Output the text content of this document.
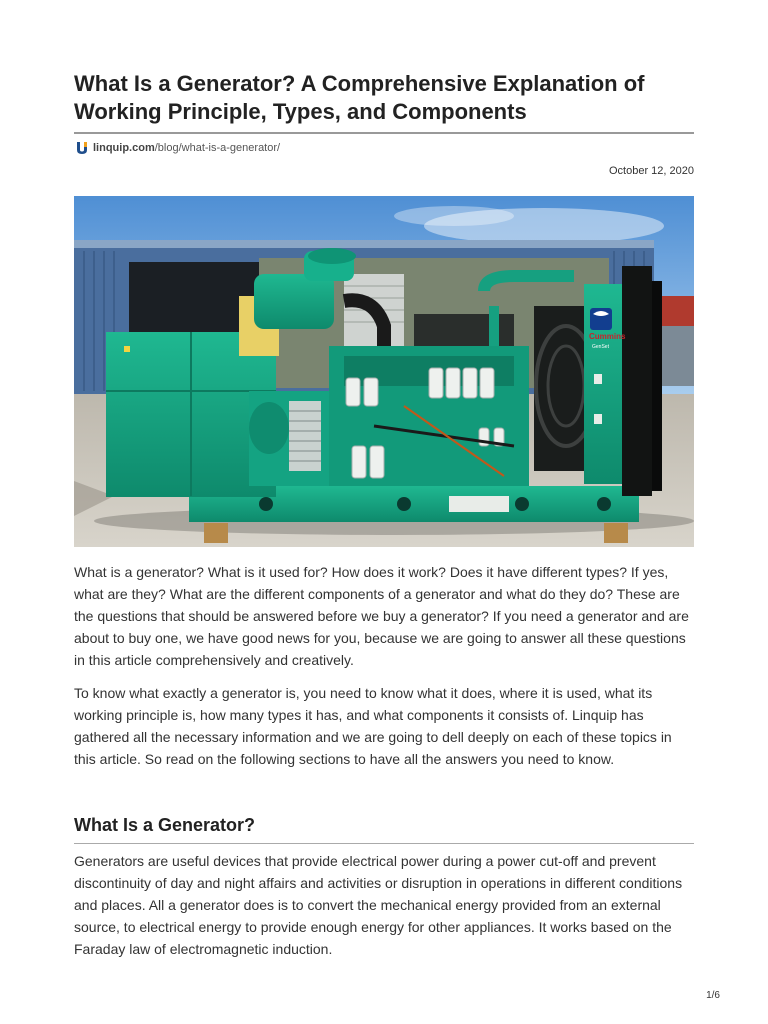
What Is a Generator? A Comprehensive Explanation of Working Principle, Types, and Components
linquip.com /blog/what-is-a-generator/
October 12, 2020
Cummins
GenSet

What is a generator? What is it used for? How does it work? Does it have different types? If yes, what are they? What are the different components of a generator and what do they do? These are the questions that should be answered before we buy a generator? If you need a generator and are about to buy one, we have good news for you, because we are going to answer all these questions in this article comprehensively and creatively.

To know what exactly a generator is, you need to know what it does, where it is used, what its working principle is, how many types it has, and what components it consists of. Linquip has gathered all the necessary information and we are going to dell deeply on each of these topics in this article. So read on the following sections to have all the answers you need to know.

What Is a Generator?

Generators are useful devices that provide electrical power during a power cut-off and prevent discontinuity of day and night affairs and activities or disruption in operations in different conditions and places. All a generator does is to convert the mechanical energy provided from an external source, to electrical energy to provide enough energy for other appliances. It works based on the Faraday law of electromagnetic induction.

1/6
